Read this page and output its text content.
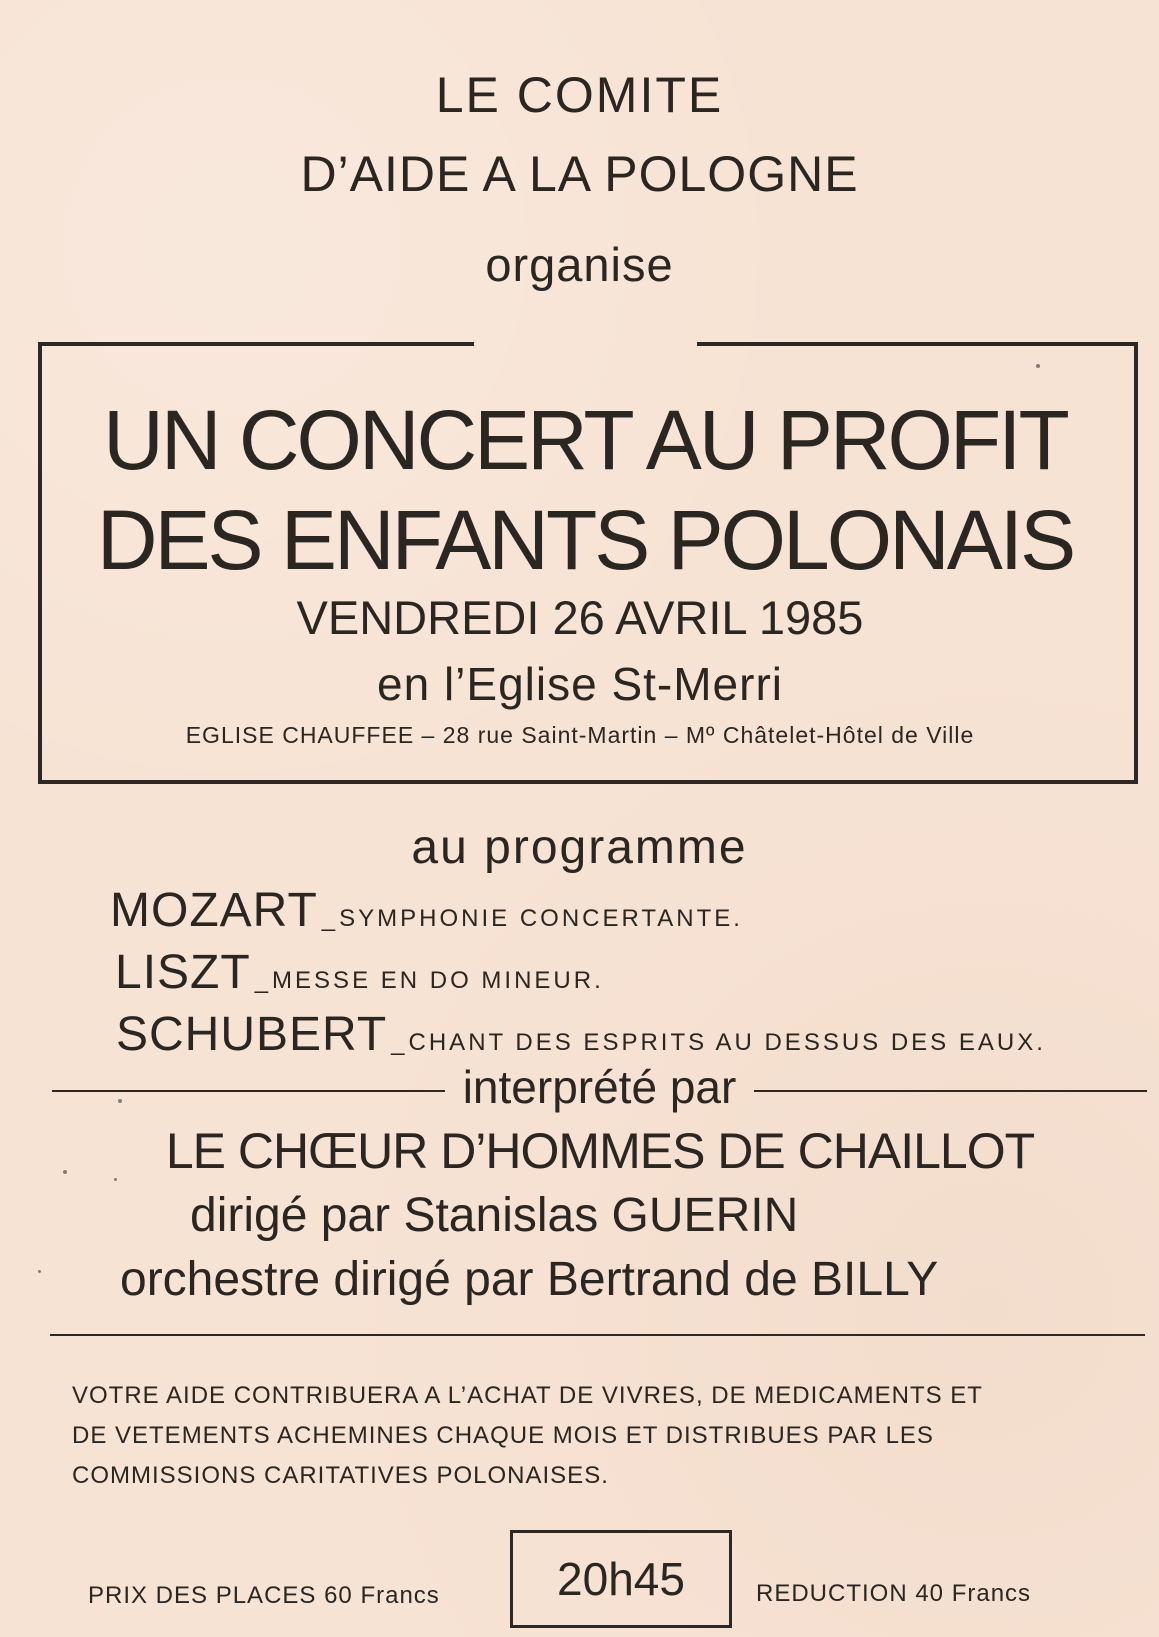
LE COMITE
D’AIDE A LA POLOGNE
organise
UN CONCERT AU PROFIT
DES ENFANTS POLONAIS
VENDREDI 26 AVRIL 1985
en l’Eglise St-Merri
EGLISE CHAUFFEE – 28 rue Saint-Martin – Mº Châtelet-Hôtel de Ville
au programme
MOZART _ SYMPHONIE CONCERTANTE.
LISZT _ MESSE EN DO MINEUR.
SCHUBERT _ CHANT DES ESPRITS AU DESSUS DES EAUX.
interprété par
LE CHŒUR D’HOMMES DE CHAILLOT
dirigé par Stanislas GUERIN
orchestre dirigé par Bertrand de BILLY
VOTRE AIDE CONTRIBUERA A L’ACHAT DE VIVRES, DE MEDICAMENTS ET
DE VETEMENTS ACHEMINES CHAQUE MOIS ET DISTRIBUES PAR LES
COMMISSIONS CARITATIVES POLONAISES.
PRIX DES PLACES 60 Francs	20h45	REDUCTION 40 Francs
